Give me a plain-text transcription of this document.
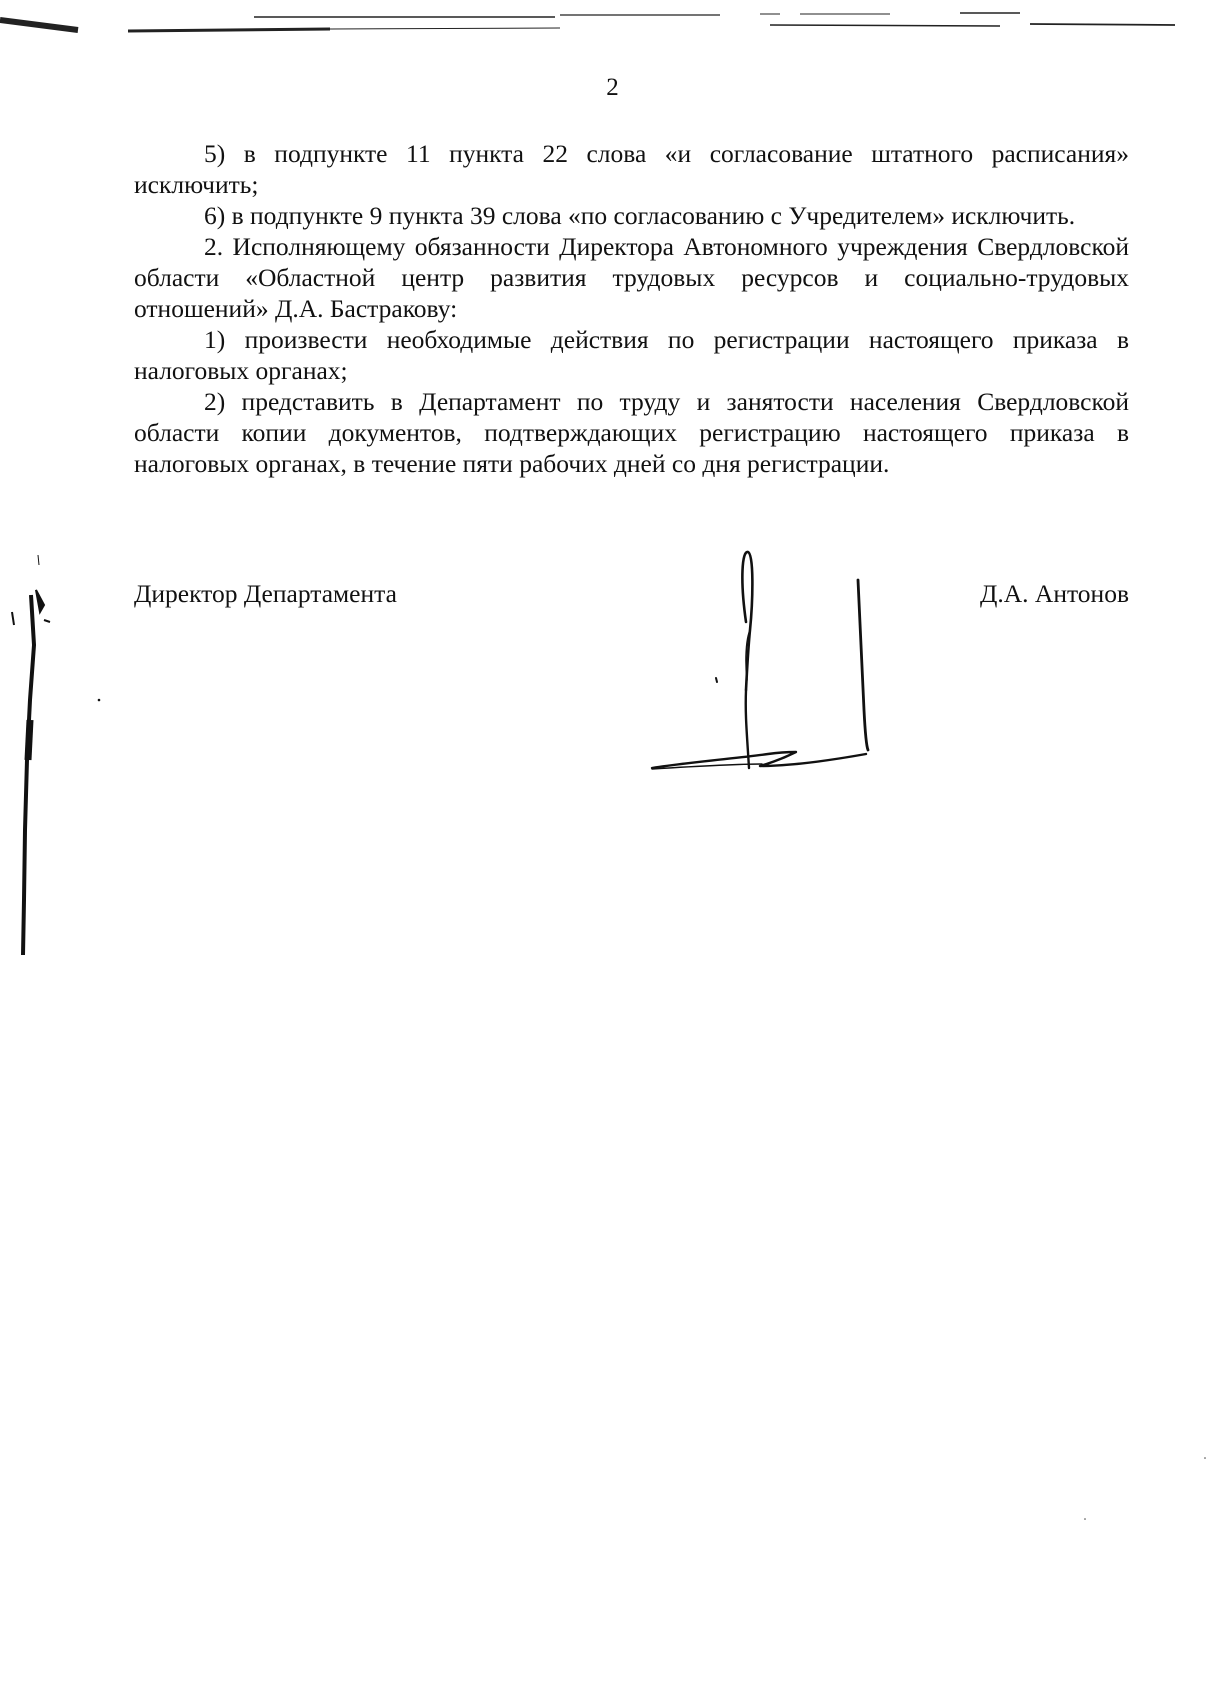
2

5) в подпункте 11 пункта 22 слова «и согласование штатного расписания» исключить;

6) в подпункте 9 пункта 39 слова «по согласованию с Учредителем» исключить.

2. Исполняющему обязанности Директора Автономного учреждения Свердловской области «Областной центр развития трудовых ресурсов и социально-трудовых отношений» Д.А. Бастракову:

1) произвести необходимые действия по регистрации настоящего приказа в налоговых органах;

2) представить в Департамент по труду и занятости населения Свердловской области копии документов, подтверждающих регистрацию настоящего приказа в налоговых органах, в течение пяти рабочих дней со дня регистрации.

Директор Департамента	Д.А. Антонов
